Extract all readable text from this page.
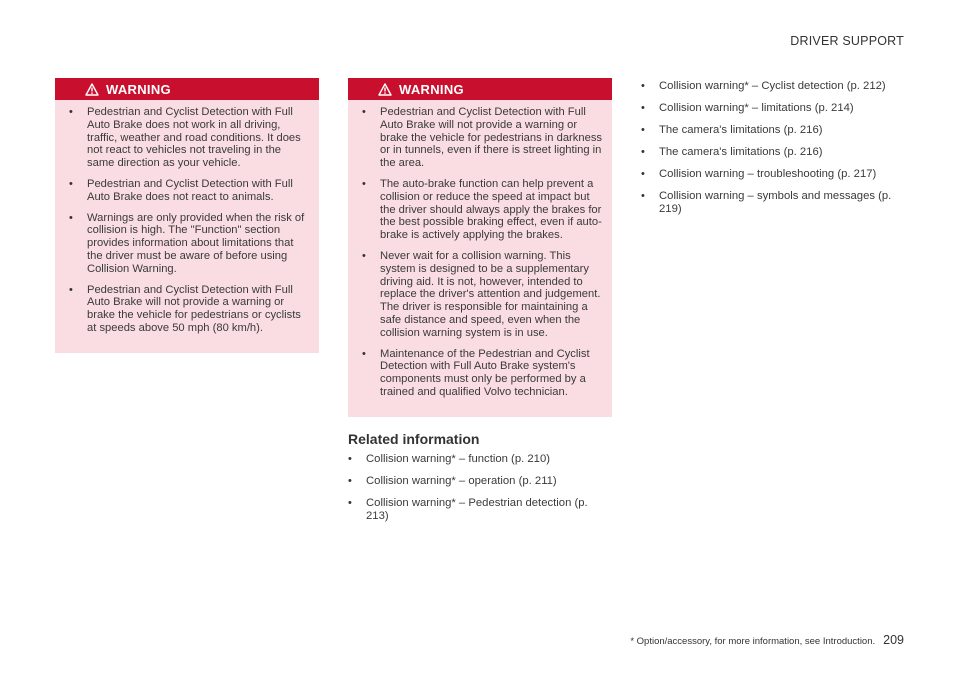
DRIVER SUPPORT
WARNING
• Pedestrian and Cyclist Detection with Full Auto Brake does not work in all driving, traffic, weather and road conditions. It does not react to vehicles not traveling in the same direction as your vehicle.
• Pedestrian and Cyclist Detection with Full Auto Brake does not react to animals.
• Warnings are only provided when the risk of collision is high. The "Function" section provides information about limitations that the driver must be aware of before using Collision Warning.
• Pedestrian and Cyclist Detection with Full Auto Brake will not provide a warning or brake the vehicle for pedestrians or cyclists at speeds above 50 mph (80 km/h).
WARNING
• Pedestrian and Cyclist Detection with Full Auto Brake will not provide a warning or brake the vehicle for pedestrians in darkness or in tunnels, even if there is street lighting in the area.
• The auto-brake function can help prevent a collision or reduce the speed at impact but the driver should always apply the brakes for the best possible braking effect, even if auto-brake is actively applying the brakes.
• Never wait for a collision warning. This system is designed to be a supplementary driving aid. It is not, however, intended to replace the driver's attention and judgement. The driver is responsible for maintaining a safe distance and speed, even when the collision warning system is in use.
• Maintenance of the Pedestrian and Cyclist Detection with Full Auto Brake system's components must only be performed by a trained and qualified Volvo technician.
Related information
• Collision warning* – function (p. 210)
• Collision warning* – operation (p. 211)
• Collision warning* – Pedestrian detection (p. 213)
• Collision warning* – Cyclist detection (p. 212)
• Collision warning* – limitations (p. 214)
• The camera's limitations (p. 216)
• The camera's limitations (p. 216)
• Collision warning – troubleshooting (p. 217)
• Collision warning – symbols and messages (p. 219)
* Option/accessory, for more information, see Introduction. 209
